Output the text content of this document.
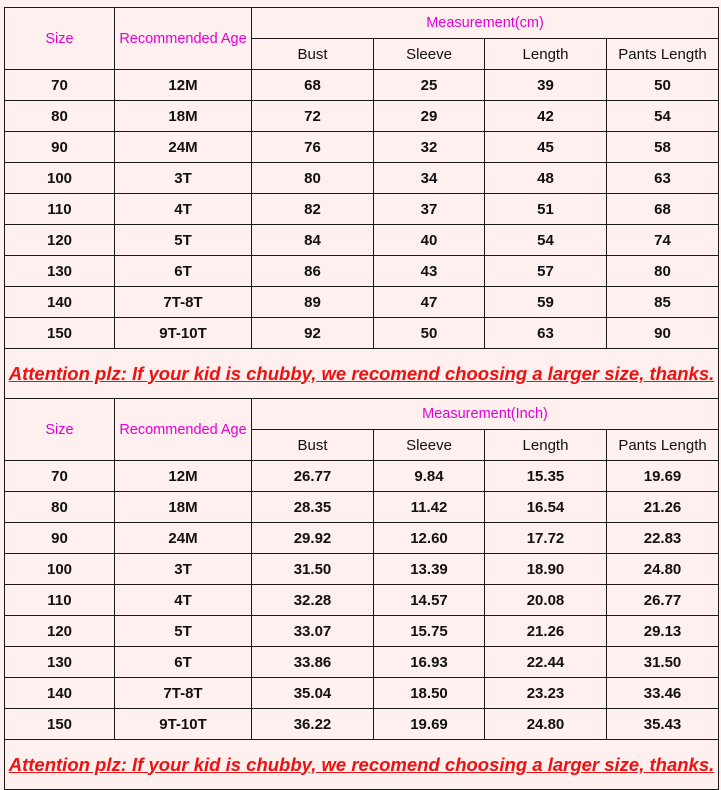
Size	Recommended Age	Measurement(cm)			
		Bust	Sleeve	Length	Pants Length
70	12M	68	25	39	50
80	18M	72	29	42	54
90	24M	76	32	45	58
100	3T	80	34	48	63
110	4T	82	37	51	68
120	5T	84	40	54	74
130	6T	86	43	57	80
140	7T-8T	89	47	59	85
150	9T-10T	92	50	63	90
Attention plz: If your kid is chubby, we recomend choosing a larger size, thanks.					
Size	Recommended Age	Measurement(Inch)			
		Bust	Sleeve	Length	Pants Length
70	12M	26.77	9.84	15.35	19.69
80	18M	28.35	11.42	16.54	21.26
90	24M	29.92	12.60	17.72	22.83
100	3T	31.50	13.39	18.90	24.80
110	4T	32.28	14.57	20.08	26.77
120	5T	33.07	15.75	21.26	29.13
130	6T	33.86	16.93	22.44	31.50
140	7T-8T	35.04	18.50	23.23	33.46
150	9T-10T	36.22	19.69	24.80	35.43
Attention plz: If your kid is chubby, we recomend choosing a larger size, thanks.					
